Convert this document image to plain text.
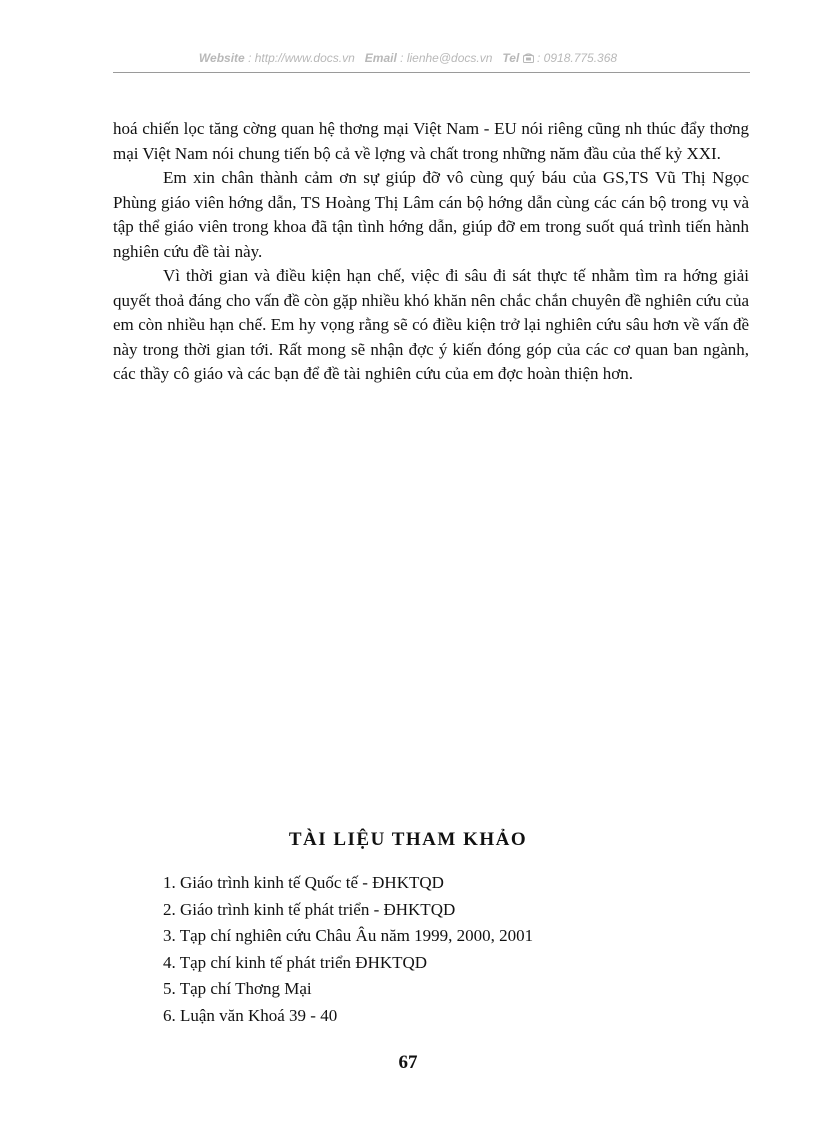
Website : http://www.docs.vn Email : lienhe@docs.vn Tel : 0918.775.368

hoá chiến lọc tăng cờng quan hệ thơng mại Việt Nam - EU nói riêng cũng nh thúc đẩy thơng mại Việt Nam nói chung tiến bộ cả về lợng và chất trong những năm đầu của thế kỷ XXI.

Em xin chân thành cảm ơn sự giúp đỡ vô cùng quý báu của GS,TS Vũ Thị Ngọc Phùng giáo viên hớng dẫn, TS Hoàng Thị Lâm cán bộ hớng dẫn cùng các cán bộ trong vụ và tập thể giáo viên trong khoa đã tận tình hớng dẫn, giúp đỡ em trong suốt quá trình tiến hành nghiên cứu đề tài này.

Vì thời gian và điều kiện hạn chế, việc đi sâu đi sát thực tế nhằm tìm ra hớng giải quyết thoả đáng cho vấn đề còn gặp nhiều khó khăn nên chắc chắn chuyên đề nghiên cứu của em còn nhiều hạn chế. Em hy vọng rằng sẽ có điều kiện trở lại nghiên cứu sâu hơn về vấn đề này trong thời gian tới. Rất mong sẽ nhận đợc ý kiến đóng góp của các cơ quan ban ngành, các thầy cô giáo và các bạn để đề tài nghiên cứu của em đợc hoàn thiện hơn.

TÀI LIỆU THAM KHẢO
1. Giáo trình kinh tế Quốc tế - ĐHKTQD
2. Giáo trình kinh tế phát triển - ĐHKTQD
3. Tạp chí nghiên cứu Châu Âu năm 1999, 2000, 2001
4. Tạp chí kinh tế phát triển ĐHKTQD
5. Tạp chí Thơng Mại
6. Luận văn Khoá 39 - 40
67
